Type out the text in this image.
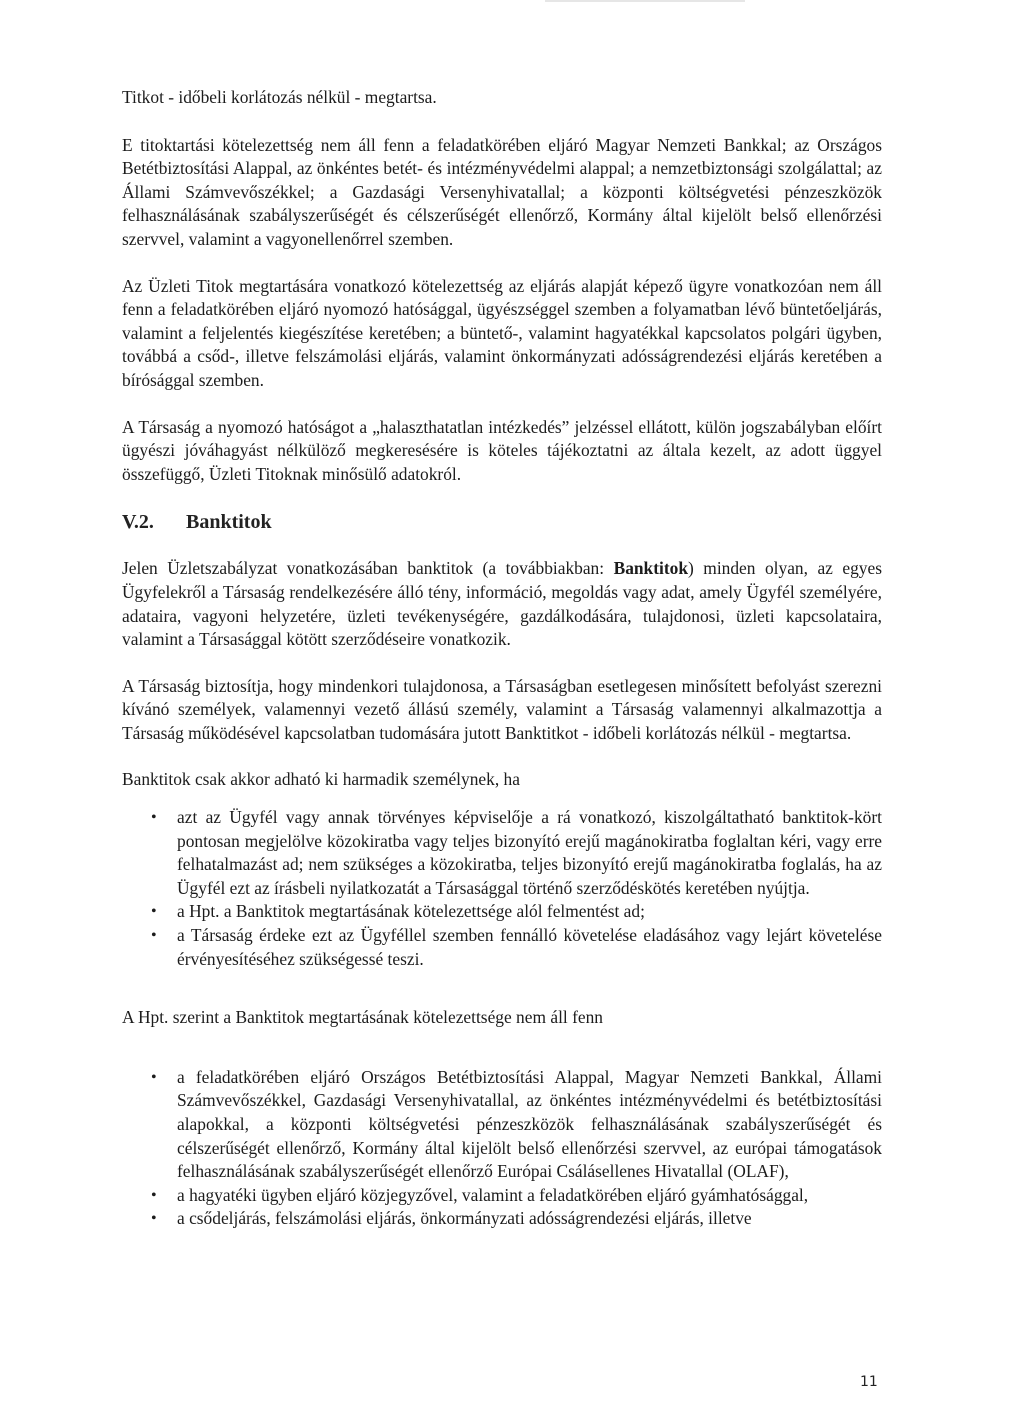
Titkot - időbeli korlátozás nélkül - megtartsa.

E titoktartási kötelezettség nem áll fenn a feladatkörében eljáró Magyar Nemzeti Bankkal; az Országos Betétbiztosítási Alappal, az önkéntes betét- és intézményvédelmi alappal; a nemzetbiztonsági szolgálattal; az Állami Számvevőszékkel; a Gazdasági Versenyhivatallal; a központi költségvetési pénzeszközök felhasználásának szabályszerűségét és célszerűségét ellenőrző, Kormány által kijelölt belső ellenőrzési szervvel, valamint a vagyonellenőrrel szemben.

Az Üzleti Titok megtartására vonatkozó kötelezettség az eljárás alapját képező ügyre vonatkozóan nem áll fenn a feladatkörében eljáró nyomozó hatósággal, ügyészséggel szemben a folyamatban lévő büntetőeljárás, valamint a feljelentés kiegészítése keretében; a büntető-, valamint hagyatékkal kapcsolatos polgári ügyben, továbbá a csőd-, illetve felszámolási eljárás, valamint önkormányzati adósságrendezési eljárás keretében a bírósággal szemben.

A Társaság a nyomozó hatóságot a „halaszthatatlan intézkedés” jelzéssel ellátott, külön jogszabályban előírt ügyészi jóváhagyást nélkülöző megkeresésére is köteles tájékoztatni az általa kezelt, az adott üggyel összefüggő, Üzleti Titoknak minősülő adatokról.

V.2. Banktitok

Jelen Üzletszabályzat vonatkozásában banktitok (a továbbiakban: Banktitok) minden olyan, az egyes Ügyfelekről a Társaság rendelkezésére álló tény, információ, megoldás vagy adat, amely Ügyfél személyére, adataira, vagyoni helyzetére, üzleti tevékenységére, gazdálkodására, tulajdonosi, üzleti kapcsolataira, valamint a Társasággal kötött szerződéseire vonatkozik.

A Társaság biztosítja, hogy mindenkori tulajdonosa, a Társaságban esetlegesen minősített befolyást szerezni kívánó személyek, valamennyi vezető állású személy, valamint a Társaság valamennyi alkalmazottja a Társaság működésével kapcsolatban tudomására jutott Banktitkot - időbeli korlátozás nélkül - megtartsa.

Banktitok csak akkor adható ki harmadik személynek, ha

• azt az Ügyfél vagy annak törvényes képviselője a rá vonatkozó, kiszolgáltatható banktitok-kört pontosan megjelölve közokiratba vagy teljes bizonyító erejű magánokiratba foglaltan kéri, vagy erre felhatalmazást ad; nem szükséges a közokiratba, teljes bizonyító erejű magánokiratba foglalás, ha az Ügyfél ezt az írásbeli nyilatkozatát a Társasággal történő szerződéskötés keretében nyújtja.
• a Hpt. a Banktitok megtartásának kötelezettsége alól felmentést ad;
• a Társaság érdeke ezt az Ügyféllel szemben fennálló követelése eladásához vagy lejárt követelése érvényesítéséhez szükségessé teszi.

A Hpt. szerint a Banktitok megtartásának kötelezettsége nem áll fenn

• a feladatkörében eljáró Országos Betétbiztosítási Alappal, Magyar Nemzeti Bankkal, Állami Számvevőszékkel, Gazdasági Versenyhivatallal, az önkéntes intézményvédelmi és betétbiztosítási alapokkal, a központi költségvetési pénzeszközök felhasználásának szabályszerűségét és célszerűségét ellenőrző, Kormány által kijelölt belső ellenőrzési szervvel, az európai támogatások felhasználásának szabályszerűségét ellenőrző Európai Csálásellenes Hivatallal (OLAF),
• a hagyatéki ügyben eljáró közjegyzővel, valamint a feladatkörében eljáró gyámhatósággal,
• a csődeljárás, felszámolási eljárás, önkormányzati adósságrendezési eljárás, illetve
11
